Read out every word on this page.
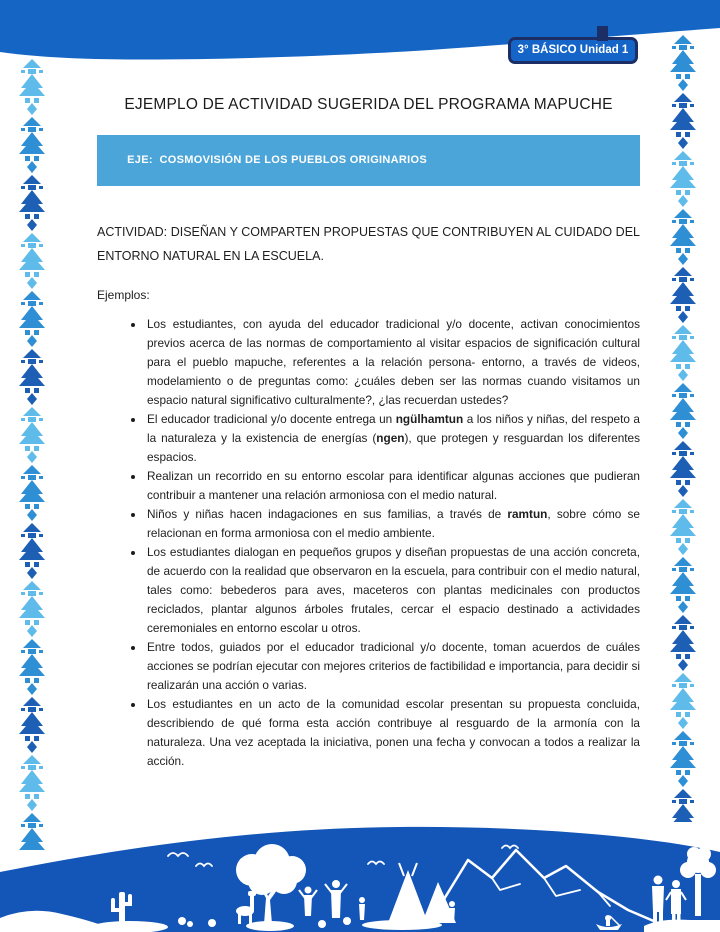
3° BÁSICO Unidad 1
EJEMPLO DE ACTIVIDAD SUGERIDA DEL PROGRAMA MAPUCHE

EJE:  COSMOVISIÓN DE LOS PUEBLOS ORIGINARIOS

ACTIVIDAD: DISEÑAN Y COMPARTEN PROPUESTAS QUE CONTRIBUYEN AL CUIDADO DEL ENTORNO NATURAL EN LA ESCUELA.

Ejemplos:

• Los estudiantes, con ayuda del educador tradicional y/o docente, activan conocimientos previos acerca de las normas de comportamiento al visitar espacios de significación cultural para el pueblo mapuche, referentes a la relación persona- entorno, a través de videos, modelamiento o de preguntas como: ¿cuáles deben ser las normas cuando visitamos un espacio natural significativo culturalmente?, ¿las recuerdan ustedes?
• El educador tradicional y/o docente entrega un ngülhamtun a los niños y niñas, del respeto a la naturaleza y la existencia de energías (ngen), que protegen y resguardan los diferentes espacios.
• Realizan un recorrido en su entorno escolar para identificar algunas acciones que pudieran contribuir a mantener una relación armoniosa con el medio natural.
• Niños y niñas hacen indagaciones en sus familias, a través de ramtun, sobre cómo se relacionan en forma armoniosa con el medio ambiente.
• Los estudiantes dialogan en pequeños grupos y diseñan propuestas de una acción concreta, de acuerdo con la realidad que observaron en la escuela, para contribuir con el medio natural, tales como: bebederos para aves, maceteros con plantas medicinales con productos reciclados, plantar algunos árboles frutales, cercar el espacio destinado a actividades ceremoniales en entorno escolar u otros.
• Entre todos, guiados por el educador tradicional y/o docente, toman acuerdos de cuáles acciones se podrían ejecutar con mejores criterios de factibilidad e importancia, para decidir si realizarán una acción o varias.
• Los estudiantes en un acto de la comunidad escolar presentan su propuesta concluida, describiendo de qué forma esta acción contribuye al resguardo de la armonía con la naturaleza. Una vez aceptada la iniciativa, ponen una fecha y convocan a todos a realizar la acción.
